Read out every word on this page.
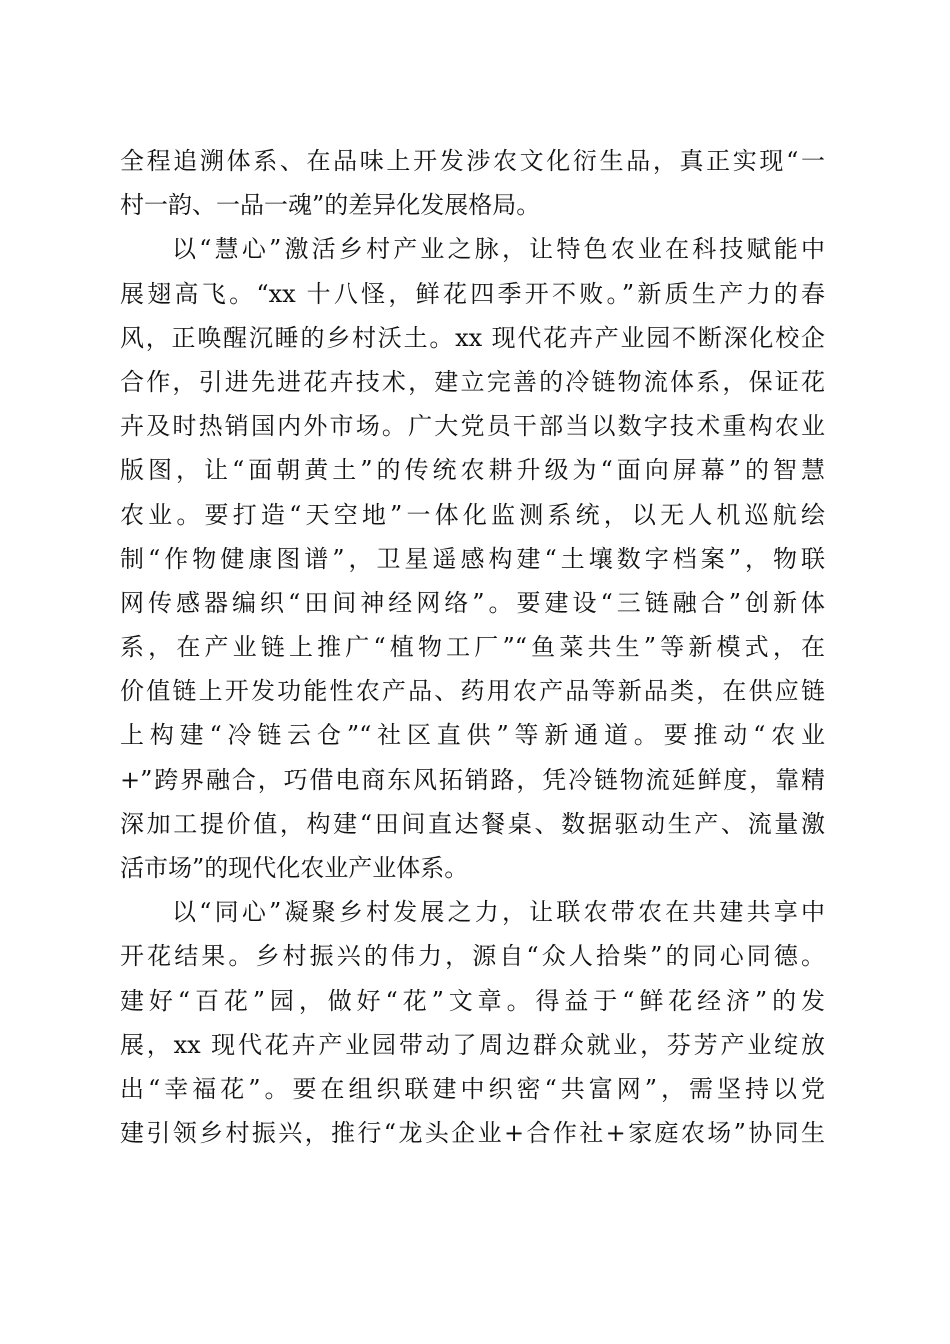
全程追溯体系、在品味上开发涉农文化衍生品，真正实现“一
村一韵、一品一魂”的差异化发展格局。
以“慧心”激活乡村产业之脉，让特色农业在科技赋能中
展翅高飞。“xx 十八怪，鲜花四季开不败。”新质生产力的春
风，正唤醒沉睡的乡村沃土。xx 现代花卉产业园不断深化校企
合作，引进先进花卉技术，建立完善的冷链物流体系，保证花
卉及时热销国内外市场。广大党员干部当以数字技术重构农业
版图，让“面朝黄土”的传统农耕升级为“面向屏幕”的智慧
农业。要打造“天空地”一体化监测系统，以无人机巡航绘
制“作物健康图谱”，卫星遥感构建“土壤数字档案”，物联
网传感器编织“田间神经网络”。要建设“三链融合”创新体
系，在产业链上推广“植物工厂”“鱼菜共生”等新模式，在
价值链上开发功能性农产品、药用农产品等新品类，在供应链
上构建“冷链云仓”“社区直供”等新通道。要推动“农业
+”跨界融合，巧借电商东风拓销路，凭冷链物流延鲜度，靠精
深加工提价值，构建“田间直达餐桌、数据驱动生产、流量激
活市场”的现代化农业产业体系。
以“同心”凝聚乡村发展之力，让联农带农在共建共享中
开花结果。乡村振兴的伟力，源自“众人拾柴”的同心同德。
建好“百花”园，做好“花”文章。得益于“鲜花经济”的发
展，xx 现代花卉产业园带动了周边群众就业，芬芳产业绽放
出“幸福花”。要在组织联建中织密“共富网”，需坚持以党
建引领乡村振兴，推行“龙头企业+合作社+家庭农场”协同生
